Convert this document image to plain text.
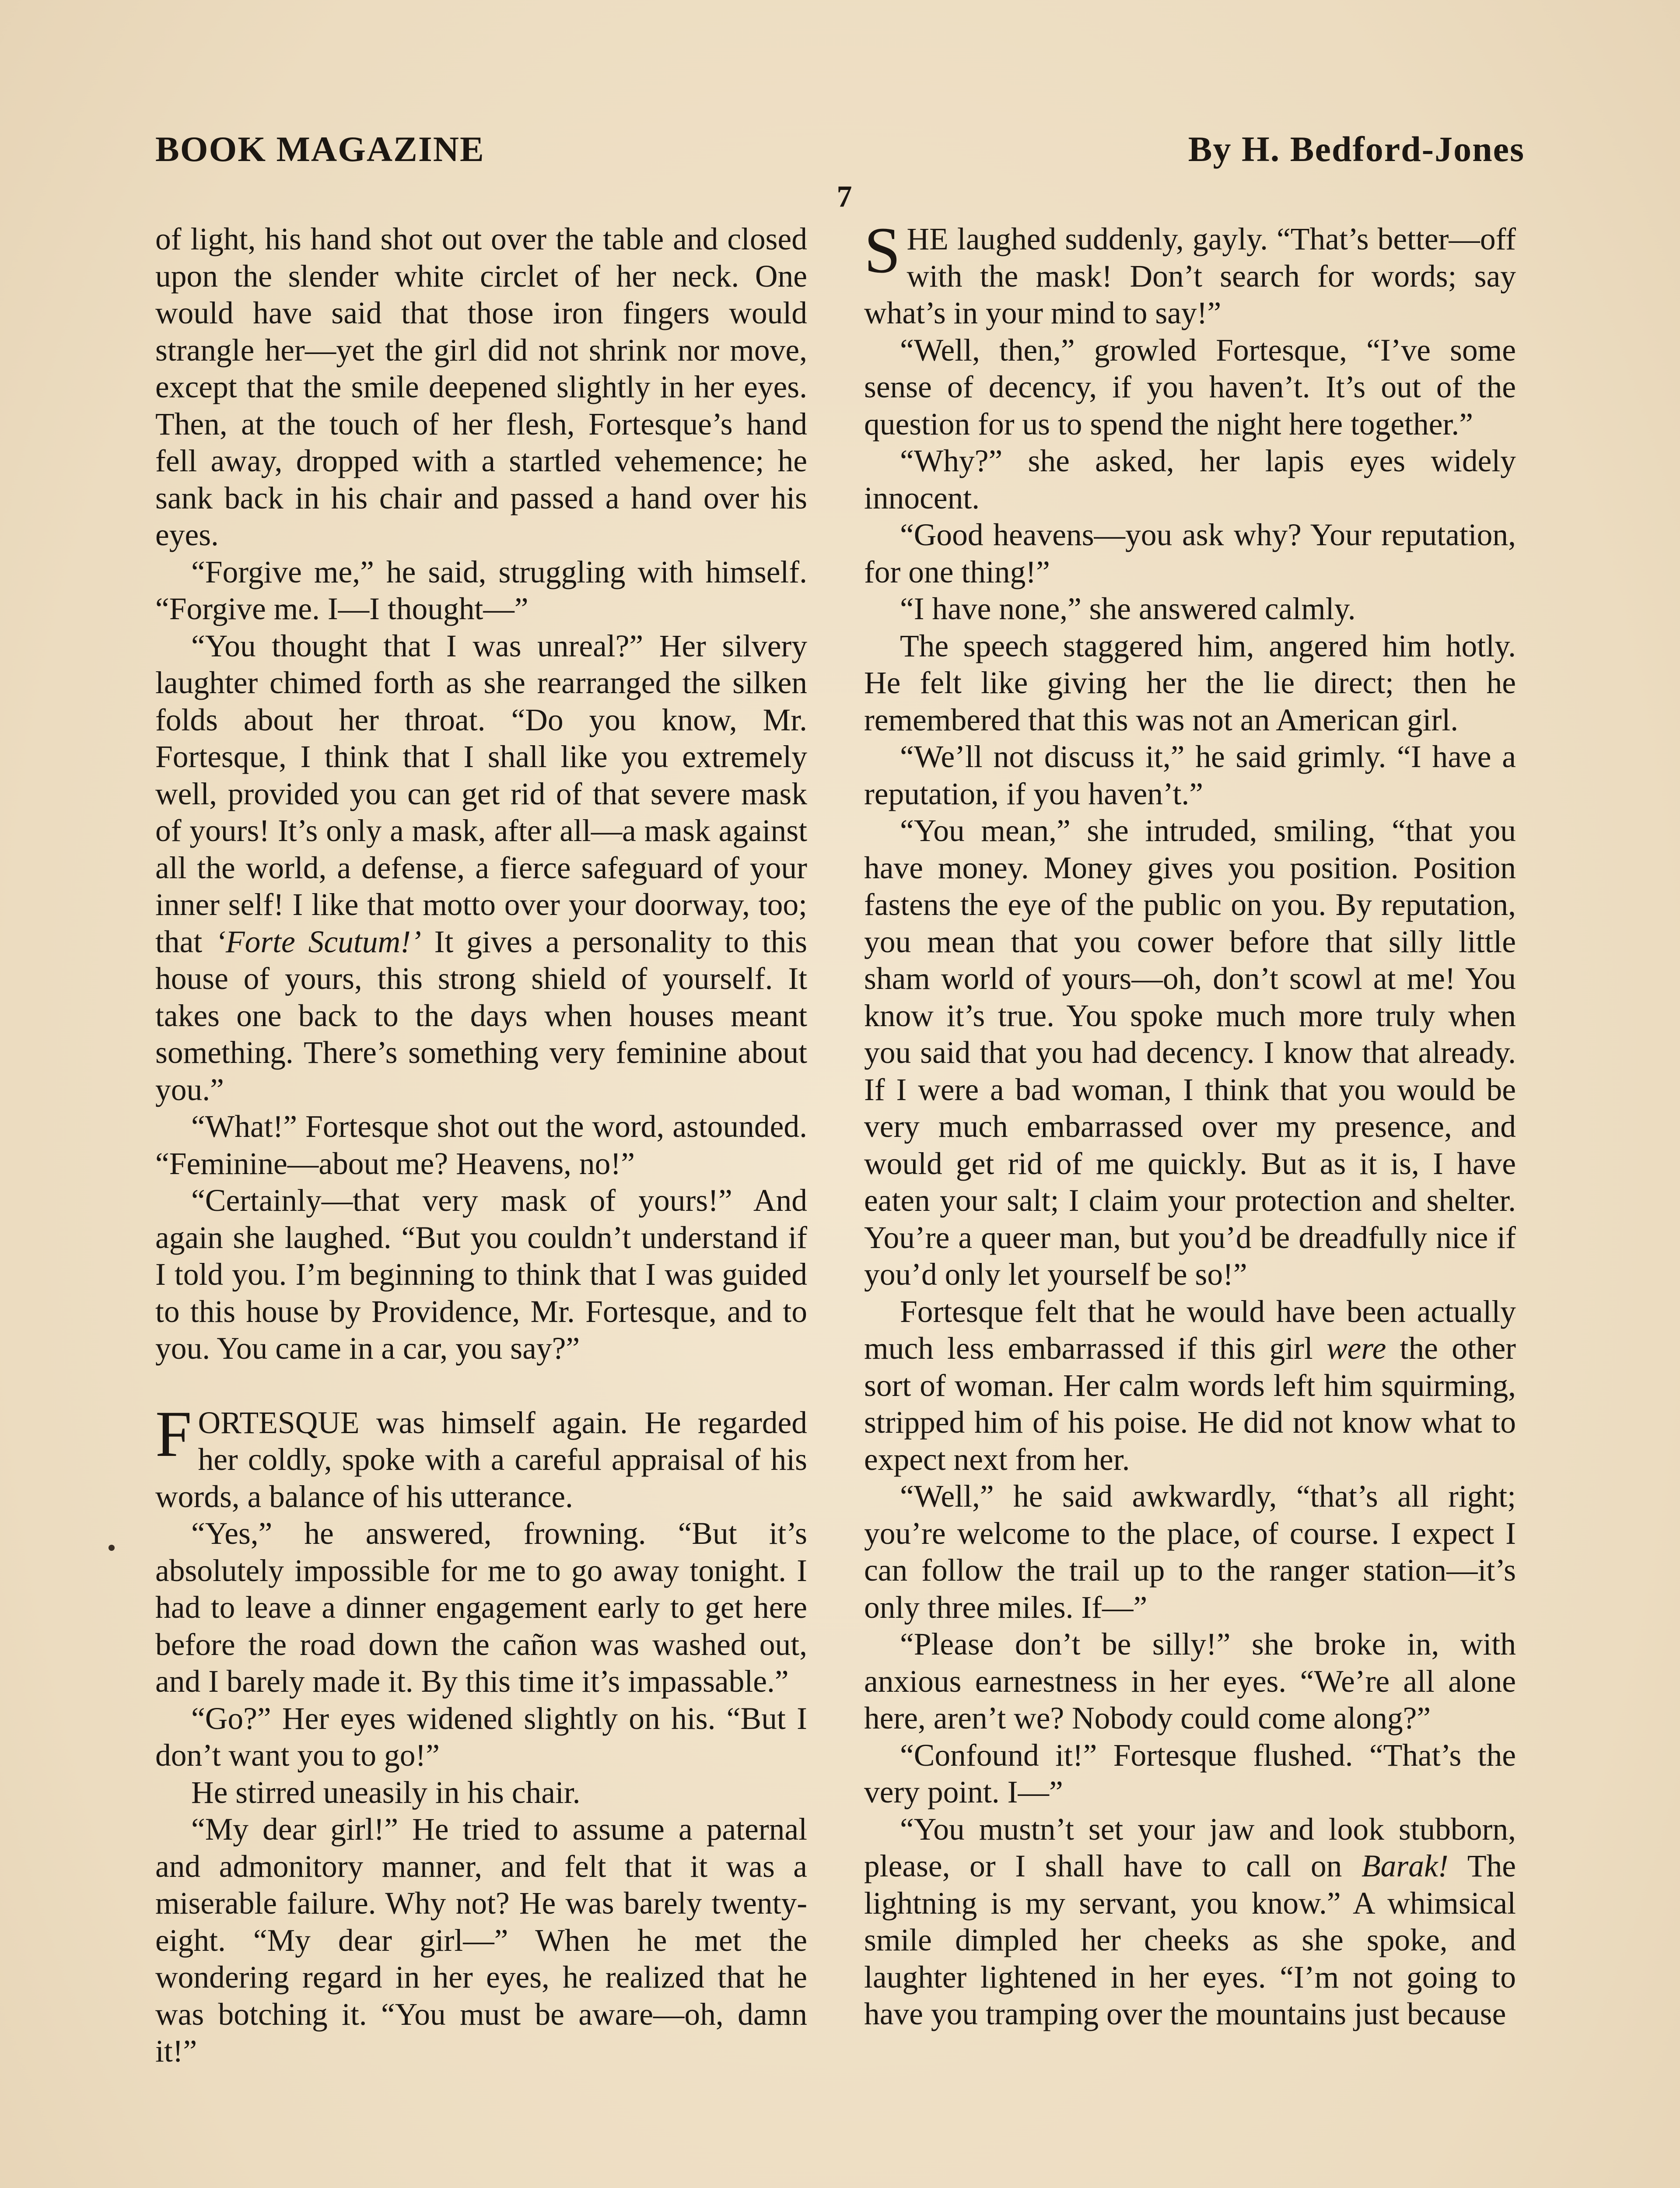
BOOK MAGAZINE	By H. Bedford-Jones
7

of light, his hand shot out over the table and closed upon the slender white circlet of her neck. One would have said that those iron fingers would strangle her—yet the girl did not shrink nor move, except that the smile deepened slightly in her eyes. Then, at the touch of her flesh, Fortesque’s hand fell away, dropped with a startled vehemence; he sank back in his chair and passed a hand over his eyes.

“Forgive me,” he said, struggling with himself. “Forgive me. I—I thought—”

“You thought that I was unreal?” Her silvery laughter chimed forth as she rearranged the silken folds about her throat. “Do you know, Mr. Fortesque, I think that I shall like you extremely well, provided you can get rid of that severe mask of yours! It’s only a mask, after all—a mask against all the world, a defense, a fierce safeguard of your inner self! I like that motto over your doorway, too; that ‘Forte Scutum!’ It gives a personality to this house of yours, this strong shield of yourself. It takes one back to the days when houses meant something. There’s something very feminine about you.”

“What!” Fortesque shot out the word, astounded. “Feminine—about me? Heavens, no!”

“Certainly—that very mask of yours!” And again she laughed. “But you couldn’t understand if I told you. I’m beginning to think that I was guided to this house by Providence, Mr. Fortesque, and to you. You came in a car, you say?”

FORTESQUE was himself again. He regarded her coldly, spoke with a careful appraisal of his words, a balance of his utterance.

“Yes,” he answered, frowning. “But it’s absolutely impossible for me to go away tonight. I had to leave a dinner engagement early to get here before the road down the cañon was washed out, and I barely made it. By this time it’s impassable.”

“Go?” Her eyes widened slightly on his. “But I don’t want you to go!”

He stirred uneasily in his chair.

“My dear girl!” He tried to assume a paternal and admonitory manner, and felt that it was a miserable failure. Why not? He was barely twenty-eight. “My dear girl—” When he met the wondering regard in her eyes, he realized that he was botching it. “You must be aware—oh, damn it!”

SHE laughed suddenly, gayly. “That’s better—off with the mask! Don’t search for words; say what’s in your mind to say!”

“Well, then,” growled Fortesque, “I’ve some sense of decency, if you haven’t. It’s out of the question for us to spend the night here together.”

“Why?” she asked, her lapis eyes widely innocent.

“Good heavens—you ask why? Your reputation, for one thing!”

“I have none,” she answered calmly.

The speech staggered him, angered him hotly. He felt like giving her the lie direct; then he remembered that this was not an American girl.

“We’ll not discuss it,” he said grimly. “I have a reputation, if you haven’t.”

“You mean,” she intruded, smiling, “that you have money. Money gives you position. Position fastens the eye of the public on you. By reputation, you mean that you cower before that silly little sham world of yours—oh, don’t scowl at me! You know it’s true. You spoke much more truly when you said that you had decency. I know that already. If I were a bad woman, I think that you would be very much embarrassed over my presence, and would get rid of me quickly. But as it is, I have eaten your salt; I claim your protection and shelter. You’re a queer man, but you’d be dreadfully nice if you’d only let yourself be so!”

Fortesque felt that he would have been actually much less embarrassed if this girl were the other sort of woman. Her calm words left him squirming, stripped him of his poise. He did not know what to expect next from her.

“Well,” he said awkwardly, “that’s all right; you’re welcome to the place, of course. I expect I can follow the trail up to the ranger station—it’s only three miles. If—”

“Please don’t be silly!” she broke in, with anxious earnestness in her eyes. “We’re all alone here, aren’t we? Nobody could come along?”

“Confound it!” Fortesque flushed. “That’s the very point. I—”

“You mustn’t set your jaw and look stubborn, please, or I shall have to call on Barak! The lightning is my servant, you know.” A whimsical smile dimpled her cheeks as she spoke, and laughter lightened in her eyes. “I’m not going to have you tramping over the mountains just because
